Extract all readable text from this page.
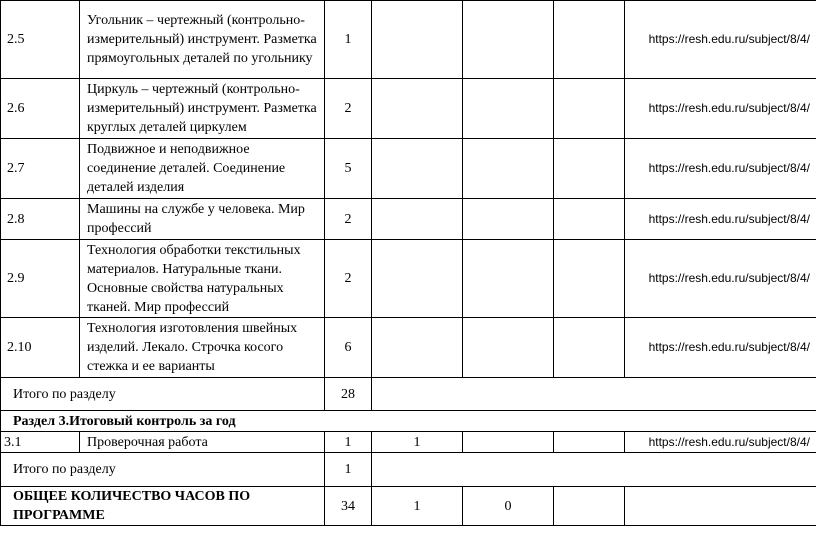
2.5	Угольник – чертежный (контрольно-измерительный) инструмент. Разметка прямоугольных деталей по угольнику	1				https://resh.edu.ru/subject/8/4/
2.6	Циркуль – чертежный (контрольно-измерительный) инструмент. Разметка круглых деталей циркулем	2				https://resh.edu.ru/subject/8/4/
2.7	Подвижное и неподвижное соединение деталей. Соединение деталей изделия	5				https://resh.edu.ru/subject/8/4/
2.8	Машины на службе у человека. Мир профессий	2				https://resh.edu.ru/subject/8/4/
2.9	Технология обработки текстильных материалов. Натуральные ткани. Основные свойства натуральных тканей. Мир профессий	2				https://resh.edu.ru/subject/8/4/
2.10	Технология изготовления швейных изделий. Лекало. Строчка косого стежка и ее варианты	6				https://resh.edu.ru/subject/8/4/
Итого по разделу		28				
Раздел 3.Итоговый контроль за год						
3.1	Проверочная работа	1	1			https://resh.edu.ru/subject/8/4/
Итого по разделу		1				
ОБЩЕЕ КОЛИЧЕСТВО ЧАСОВ ПО ПРОГРАММЕ		34	1	0		
